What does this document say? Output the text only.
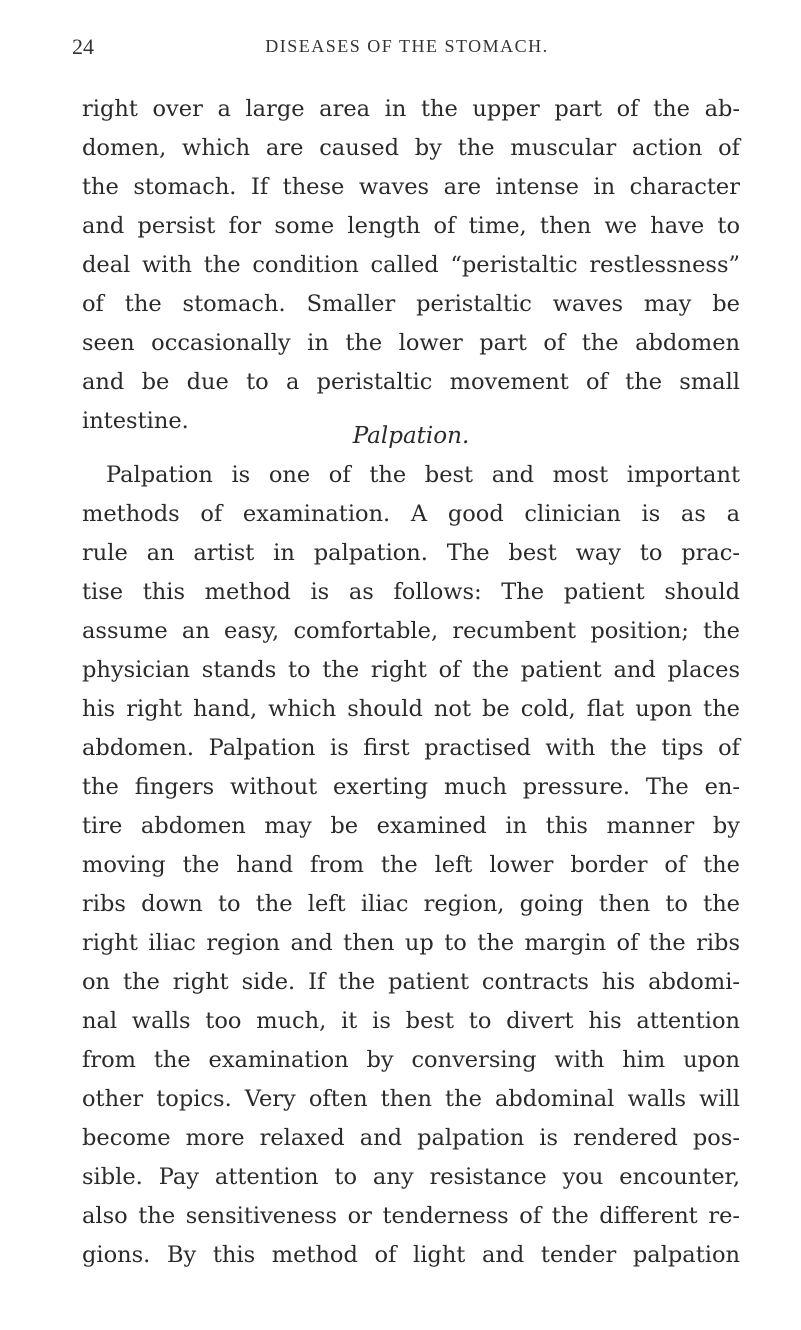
24	DISEASES OF THE STOMACH.
right over a large area in the upper part of the ab-
domen, which are caused by the muscular action of
the stomach. If these waves are intense in character
and persist for some length of time, then we have to
deal with the condition called “peristaltic restlessness”
of the stomach. Smaller peristaltic waves may be
seen occasionally in the lower part of the abdomen
and be due to a peristaltic movement of the small
intestine.
Palpation.
Palpation is one of the best and most important
methods of examination. A good clinician is as a
rule an artist in palpation. The best way to prac-
tise this method is as follows: The patient should
assume an easy, comfortable, recumbent position; the
physician stands to the right of the patient and places
his right hand, which should not be cold, flat upon the
abdomen. Palpation is first practised with the tips of
the fingers without exerting much pressure. The en-
tire abdomen may be examined in this manner by
moving the hand from the left lower border of the
ribs down to the left iliac region, going then to the
right iliac region and then up to the margin of the ribs
on the right side. If the patient contracts his abdomi-
nal walls too much, it is best to divert his attention
from the examination by conversing with him upon
other topics. Very often then the abdominal walls will
become more relaxed and palpation is rendered pos-
sible. Pay attention to any resistance you encounter,
also the sensitiveness or tenderness of the different re-
gions. By this method of light and tender palpation
